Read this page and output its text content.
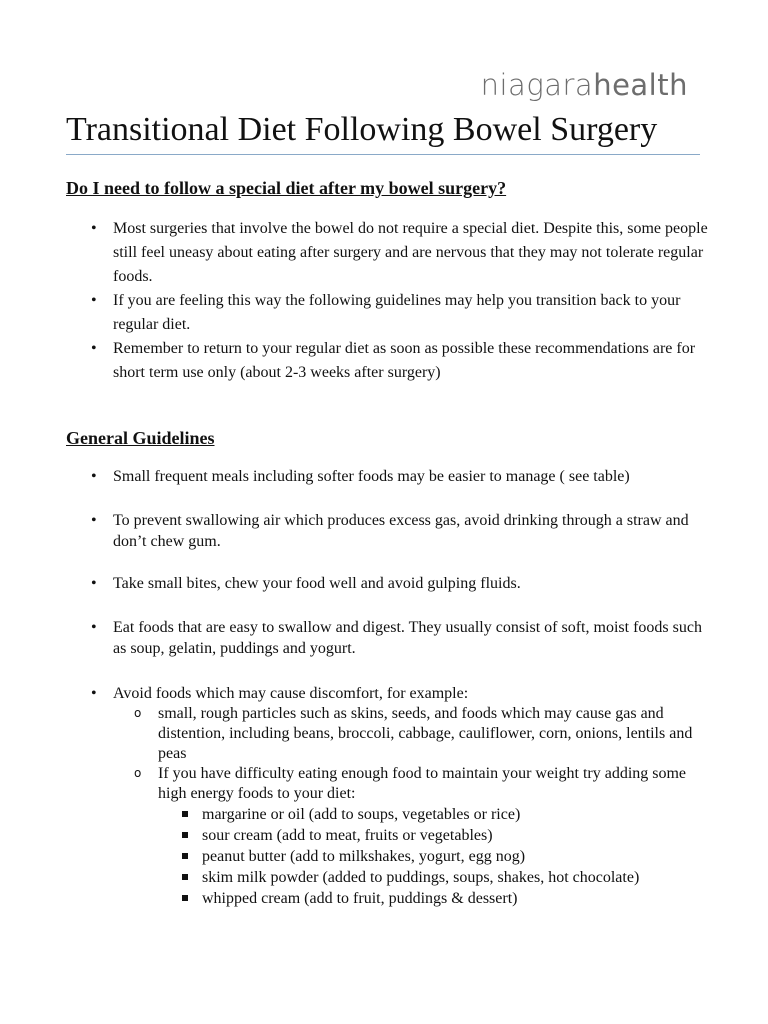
niagarahealth
Transitional Diet Following Bowel Surgery
Do I need to follow a special diet after my bowel surgery?
• Most surgeries that involve the bowel do not require a special diet. Despite this, some people still feel uneasy about eating after surgery and are nervous that they may not tolerate regular foods.
• If you are feeling this way the following guidelines may help you transition back to your regular diet.
• Remember to return to your regular diet as soon as possible these recommendations are for short term use only (about 2-3 weeks after surgery)
General Guidelines
• Small frequent meals including softer foods may be easier to manage ( see table)
• To prevent swallowing air which produces excess gas, avoid drinking through a straw and don’t chew gum.
• Take small bites, chew your food well and avoid gulping fluids.
• Eat foods that are easy to swallow and digest. They usually consist of soft, moist foods such as soup, gelatin, puddings and yogurt.
• Avoid foods which may cause discomfort, for example:
o small, rough particles such as skins, seeds, and foods which may cause gas and distention, including beans, broccoli, cabbage, cauliflower, corn, onions, lentils and peas
o If you have difficulty eating enough food to maintain your weight try adding some high energy foods to your diet:
margarine or oil (add to soups, vegetables or rice)
sour cream (add to meat, fruits or vegetables)
peanut butter (add to milkshakes, yogurt, egg nog)
skim milk powder (added to puddings, soups, shakes, hot chocolate)
whipped cream (add to fruit, puddings & dessert)
